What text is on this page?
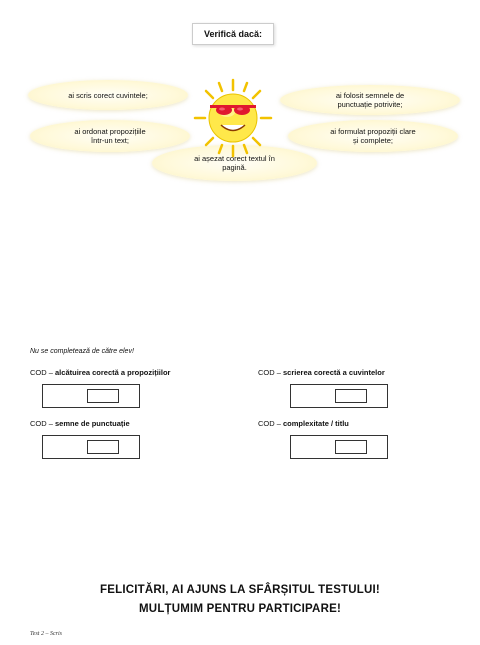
Verifică dacă:
ai scris corect cuvintele;	ai folosit semnele de
punctuație potrivite;
ai ordonat propozițiile
într-un text;
ai formulat propoziții clare
și complete;
ai așezat corect textul în
pagină.
Nu se completează de către elev!
COD – alcătuirea corectă a propozițiilor	COD – scrierea corectă a cuvintelor
COD – semne de punctuație	COD – complexitate / titlu
FELICITĂRI, AI AJUNS LA SFÂRȘITUL TESTULUI!
MULȚUMIM PENTRU PARTICIPARE!
Test 2 – Scris
